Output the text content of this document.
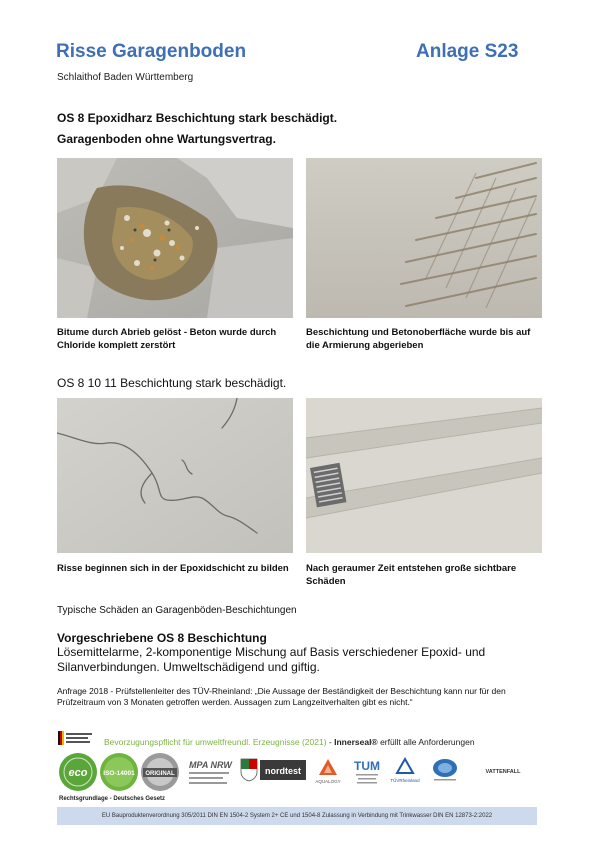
Risse Garagenboden	Anlage S23
Schlaithof Baden Württemberg
OS 8 Epoxidharz Beschichtung stark beschädigt.
Garagenboden ohne Wartungsvertrag.
Bitume durch Abrieb gelöst - Beton wurde durch Chloride komplett zerstört
Beschichtung und Betonoberfläche wurde bis auf die Armierung abgerieben
OS 8 10 11 Beschichtung stark beschädigt.
Risse beginnen sich in der Epoxidschicht zu bilden	Nach geraumer Zeit entstehen große sichtbare Schäden
Typische Schäden an Garagenböden-Beschichtungen
Vorgeschriebene OS 8 Beschichtung
Lösemittelarme, 2-komponentige Mischung auf Basis verschiedener Epoxid- und Silanverbindungen. Umweltschädigend und giftig.
Anfrage 2018 - Prüfstellenleiter des TÜV-Rheinland: „Die Aussage der Beständigkeit der Beschichtung kann nur für den Prüfzeitraum von 3 Monaten getroffen werden. Aussagen zum Langzeitverhalten gibt es nicht.“
Bevorzugungspflicht für umweltfreundl. Erzeugnisse (2021) - Innerseal® erfüllt alle Anforderungen
eco ISO-14001 ORIGINAL
MPA NRW
nordtest
AQUALOGY
TUM
TÜVRheinland
VATTENFALL
Rechtsgrundlage - Deutsches Gesetz
EU Bauproduktenverordnung 305/2011 DIN EN 1504-2 System 2+ CE und 1504-8 Zulassung in Verbindung mit Trinkwasser DIN EN 12873-2:2022
